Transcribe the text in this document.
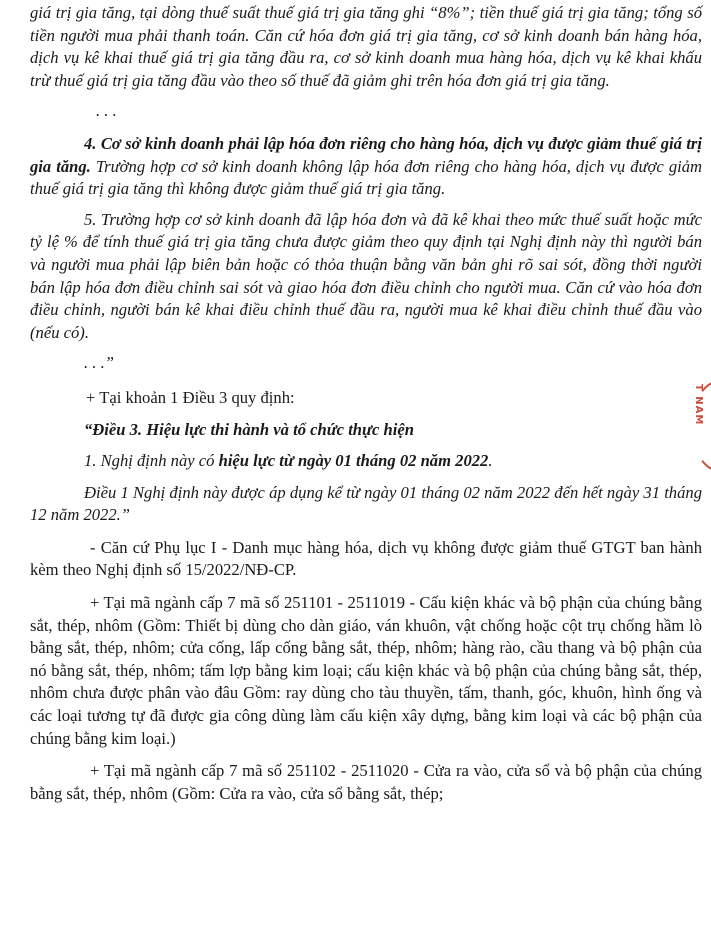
giá trị gia tăng, tại dòng thuế suất thuế giá trị gia tăng ghi “8%”; tiền thuế giá trị gia tăng; tổng số tiền người mua phải thanh toán. Căn cứ hóa đơn giá trị gia tăng, cơ sở kinh doanh bán hàng hóa, dịch vụ kê khai thuế giá trị gia tăng đầu ra, cơ sở kinh doanh mua hàng hóa, dịch vụ kê khai khấu trừ thuế giá trị gia tăng đầu vào theo số thuế đã giảm ghi trên hóa đơn giá trị gia tăng.

. . .

4. Cơ sở kinh doanh phải lập hóa đơn riêng cho hàng hóa, dịch vụ được giảm thuế giá trị gia tăng. Trường hợp cơ sở kinh doanh không lập hóa đơn riêng cho hàng hóa, dịch vụ được giảm thuế giá trị gia tăng thì không được giảm thuế giá trị gia tăng.

5. Trường hợp cơ sở kinh doanh đã lập hóa đơn và đã kê khai theo mức thuế suất hoặc mức tỷ lệ % để tính thuế giá trị gia tăng chưa được giảm theo quy định tại Nghị định này thì người bán và người mua phải lập biên bản hoặc có thỏa thuận bằng văn bản ghi rõ sai sót, đồng thời người bán lập hóa đơn điều chỉnh sai sót và giao hóa đơn điều chỉnh cho người mua. Căn cứ vào hóa đơn điều chỉnh, người bán kê khai điều chỉnh thuế đầu ra, người mua kê khai điều chỉnh thuế đầu vào (nếu có).

. . .”

+ Tại khoản 1 Điều 3 quy định:

“Điều 3. Hiệu lực thi hành và tổ chức thực hiện

1. Nghị định này có hiệu lực từ ngày 01 tháng 02 năm 2022.

Điều 1 Nghị định này được áp dụng kể từ ngày 01 tháng 02 năm 2022 đến hết ngày 31 tháng 12 năm 2022.”

- Căn cứ Phụ lục I - Danh mục hàng hóa, dịch vụ không được giảm thuế GTGT ban hành kèm theo Nghị định số 15/2022/NĐ-CP.

+ Tại mã ngành cấp 7 mã số 251101 - 2511019 - Cấu kiện khác và bộ phận của chúng bằng sắt, thép, nhôm (Gồm: Thiết bị dùng cho dàn giáo, ván khuôn, vật chống hoặc cột trụ chống hầm lò bằng sắt, thép, nhôm; cửa cống, lấp cống bằng sắt, thép, nhôm; hàng rào, cầu thang và bộ phận của nó bằng sắt, thép, nhôm; tấm lợp bằng kim loại; cấu kiện khác và bộ phận của chúng bằng sắt, thép, nhôm chưa được phân vào đâu Gồm: ray dùng cho tàu thuyền, tấm, thanh, góc, khuôn, hình ống và các loại tương tự đã được gia công dùng làm cấu kiện xây dựng, bằng kim loại và các bộ phận của chúng bằng kim loại.)

+ Tại mã ngành cấp 7 mã số 251102 - 2511020 - Cửa ra vào, cửa sổ và bộ phận của chúng bằng sắt, thép, nhôm (Gồm: Cửa ra vào, cửa sổ bằng sắt, thép;

T NAM
